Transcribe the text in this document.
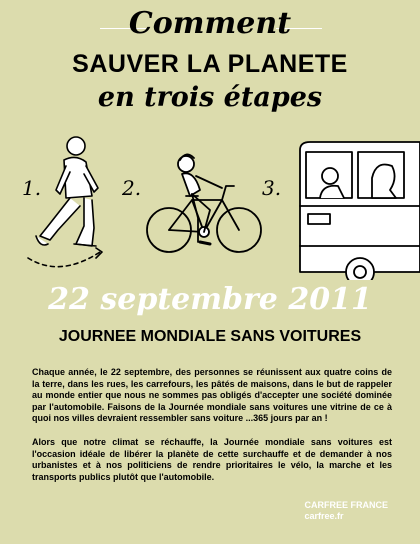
Comment
SAUVER LA PLANETE
en trois étapes
1.	2.	3.
22 septembre 2011
JOURNEE MONDIALE SANS VOITURES
Chaque année, le 22 septembre, des personnes se réunissent aux quatre coins de la terre, dans les rues, les carrefours, les pâtés de maisons, dans le but de rappeler au monde entier que nous ne sommes pas obligés d'accepter une société dominée par l'automobile. Faisons de la Journée mondiale sans voitures une vitrine de ce à quoi nos villes devraient ressembler sans voiture ...365 jours par an !
Alors que notre climat se réchauffe, la Journée mondiale sans voitures est l'occasion idéale de libérer la planète de cette surchauffe et de demander à nos urbanistes et à nos politiciens de rendre prioritaires le vélo, la marche et les transports publics plutôt que l'automobile.
CARFREE FRANCE
carfree.fr
